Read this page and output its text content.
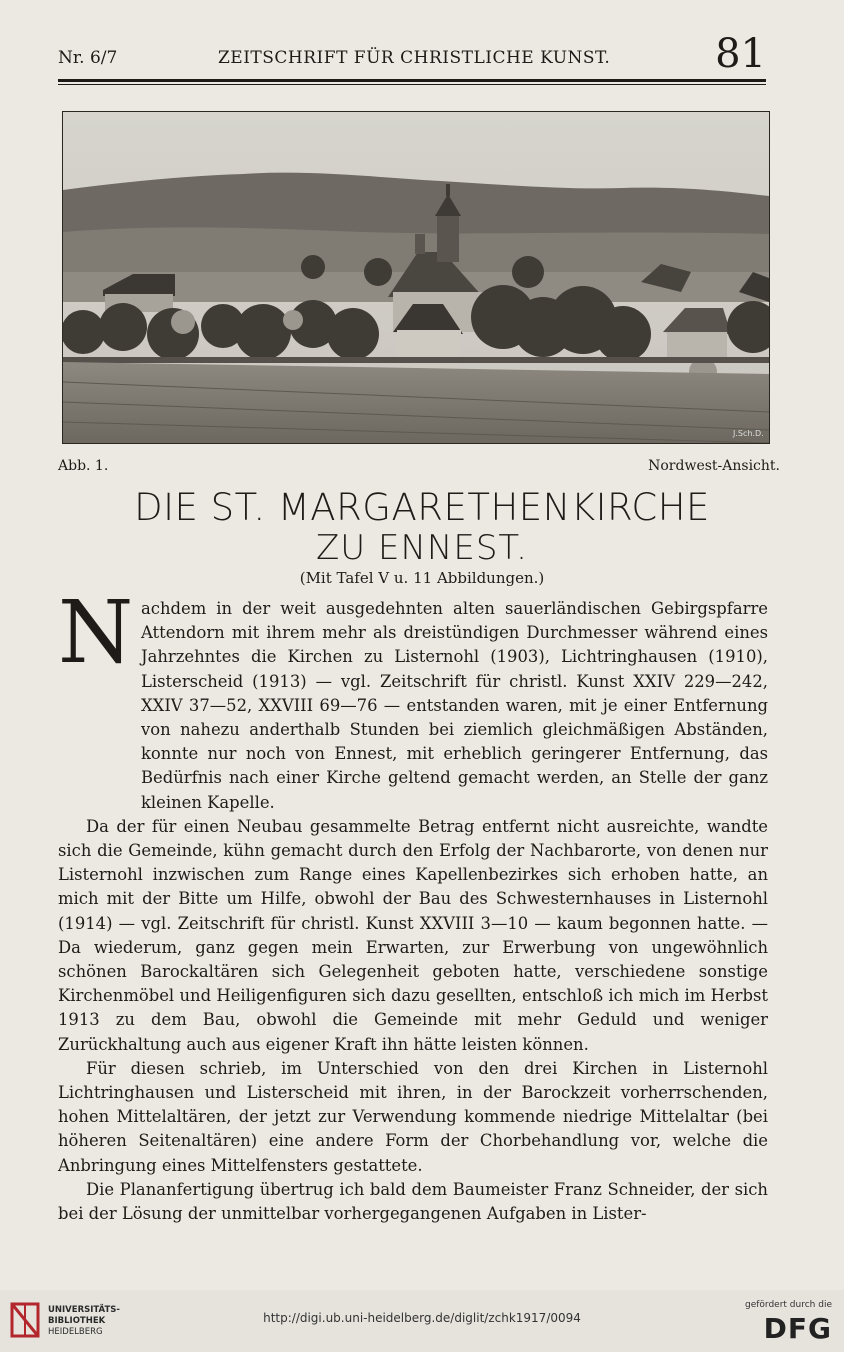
Nr. 6/7	ZEITSCHRIFT FÜR CHRISTLICHE KUNST.	81
J.Sch.D.
Abb. 1.	Nordwest-Ansicht.
DIE ST. MARGARETHENKIRCHE
ZU ENNEST.
(Mit Tafel V u. 11 Abbildungen.)
N achdem in der weit ausgedehnten alten sauerländischen Gebirgspfarre Attendorn mit ihrem mehr als dreistündigen Durchmesser während eines Jahrzehntes die Kirchen zu Listernohl (1903), Lichtringhausen (1910), Listerscheid (1913) — vgl. Zeitschrift für christl. Kunst XXIV 229—242, XXIV 37—52, XXVIII 69—76 — entstanden waren, mit je einer Entfernung von nahezu anderthalb Stunden bei ziemlich gleichmäßigen Abständen, konnte nur noch von Ennest, mit erheblich geringerer Entfernung, das Bedürfnis nach einer Kirche geltend gemacht werden, an Stelle der ganz kleinen Kapelle.

Da der für einen Neubau gesammelte Betrag entfernt nicht ausreichte, wandte sich die Gemeinde, kühn gemacht durch den Erfolg der Nachbarorte, von denen nur Listernohl inzwischen zum Range eines Kapellenbezirkes sich erhoben hatte, an mich mit der Bitte um Hilfe, obwohl der Bau des Schwesternhauses in Listernohl (1914) — vgl. Zeitschrift für christl. Kunst XXVIII 3—10 — kaum begonnen hatte. — Da wiederum, ganz gegen mein Erwarten, zur Erwerbung von ungewöhnlich schönen Barockaltären sich Gelegenheit geboten hatte, verschiedene sonstige Kirchenmöbel und Heiligenfiguren sich dazu gesellten, entschloß ich mich im Herbst 1913 zu dem Bau, obwohl die Gemeinde mit mehr Geduld und weniger Zurückhaltung auch aus eigener Kraft ihn hätte leisten können.

Für diesen schrieb, im Unterschied von den drei Kirchen in Listernohl Lichtringhausen und Listerscheid mit ihren, in der Barockzeit vorherrschenden, hohen Mittelaltären, der jetzt zur Verwendung kommende niedrige Mittelaltar (bei höheren Seitenaltären) eine andere Form der Chorbehandlung vor, welche die Anbringung eines Mittelfensters gestattete.

Die Plananfertigung übertrug ich bald dem Baumeister Franz Schneider, der sich bei der Lösung der unmittelbar vorhergegangenen Aufgaben in Lister-

UNIVERSITÄTS-
BIBLIOTHEK
HEIDELBERG
http://digi.ub.uni-heidelberg.de/diglit/zchk1917/0094
gefördert durch die
DFG
